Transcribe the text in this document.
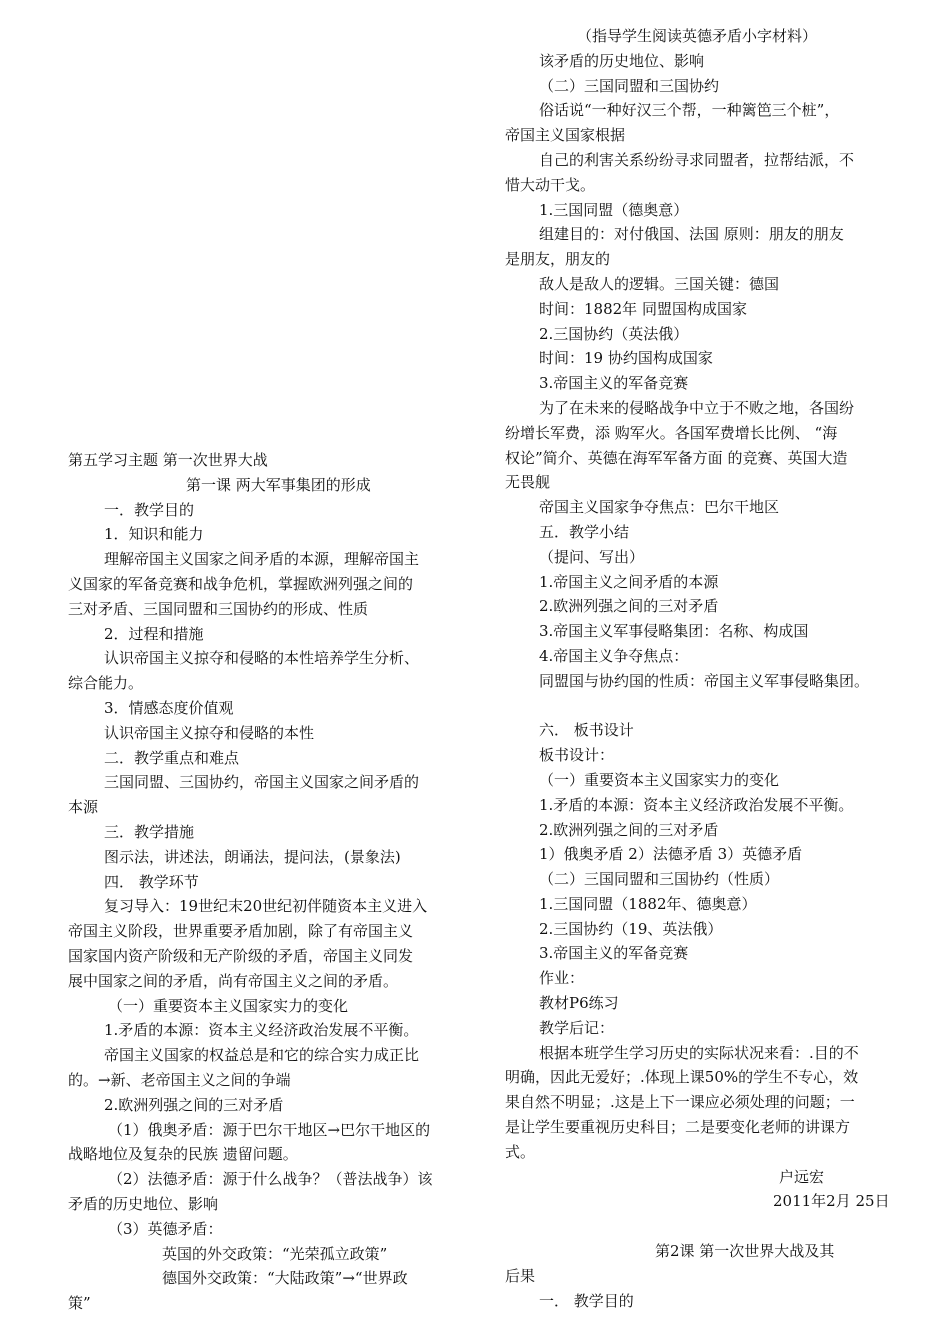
第五学习主题 第一次世界大战
第一课 两大军事集团的形成
一．教学目的
1．知识和能力
理解帝国主义国家之间矛盾的本源，理解帝国主
义国家的军备竞赛和战争危机，掌握欧洲列强之间的
三对矛盾、三国同盟和三国协约的形成、性质
2．过程和措施
认识帝国主义掠夺和侵略的本性培养学生分析、
综合能力。
3．情感态度价值观
认识帝国主义掠夺和侵略的本性
二．教学重点和难点
三国同盟、三国协约，帝国主义国家之间矛盾的
本源
三．教学措施
图示法，讲述法，朗诵法，提问法，(景象法)
四． 教学环节
复习导入：19世纪末20世纪初伴随资本主义进入
帝国主义阶段，世界重要矛盾加剧，除了有帝国主义
国家国内资产阶级和无产阶级的矛盾，帝国主义同发
展中国家之间的矛盾，尚有帝国主义之间的矛盾。
（一）重要资本主义国家实力的变化
1.矛盾的本源：资本主义经济政治发展不平衡。
帝国主义国家的权益总是和它的综合实力成正比
的。→新、老帝国主义之间的争端
2.欧洲列强之间的三对矛盾
（1）俄奥矛盾：源于巴尔干地区→巴尔干地区的
战略地位及复杂的民族 遗留问题。
（2）法德矛盾：源于什么战争？（普法战争）该
矛盾的历史地位、影响
（3）英德矛盾：
英国的外交政策：“光荣孤立政策”
德国外交政策：“大陆政策”→“世界政
策”
（指导学生阅读英德矛盾小字材料）
该矛盾的历史地位、影响
（二）三国同盟和三国协约
俗话说“一种好汉三个帮，一种篱笆三个桩”，
帝国主义国家根据
自己的利害关系纷纷寻求同盟者，拉帮结派，不
惜大动干戈。
1.三国同盟（德奥意）
组建目的：对付俄国、法国 原则：朋友的朋友
是朋友，朋友的
敌人是敌人的逻辑。三国关键：德国
时间：1882年 同盟国构成国家
2.三国协约（英法俄）
时间：19 协约国构成国家
3.帝国主义的军备竞赛
为了在未来的侵略战争中立于不败之地，各国纷
纷增长军费，添 购军火。各国军费增长比例、 “海
权论”简介、英德在海军军备方面 的竞赛、英国大造
无畏舰
帝国主义国家争夺焦点：巴尔干地区
五．教学小结
（提问、写出）
1.帝国主义之间矛盾的本源
2.欧洲列强之间的三对矛盾
3.帝国主义军事侵略集团：名称、构成国
4.帝国主义争夺焦点：
同盟国与协约国的性质：帝国主义军事侵略集团。
六． 板书设计
板书设计：
（一）重要资本主义国家实力的变化
1.矛盾的本源：资本主义经济政治发展不平衡。
2.欧洲列强之间的三对矛盾
1）俄奥矛盾 2）法德矛盾 3）英德矛盾
（二）三国同盟和三国协约（性质）
1.三国同盟（1882年、德奥意）
2.三国协约（19、英法俄）
3.帝国主义的军备竞赛
作业：
教材P6练习
教学后记：
根据本班学生学习历史的实际状况来看：.目的不
明确，因此无爱好；.体现上课50%的学生不专心，效
果自然不明显；.这是上下一课应必须处理的问题；一
是让学生要重视历史科目；二是要变化老师的讲课方
式。
户远宏
2011年2月 25日
第2课 第一次世界大战及其
后果
一． 教学目的
